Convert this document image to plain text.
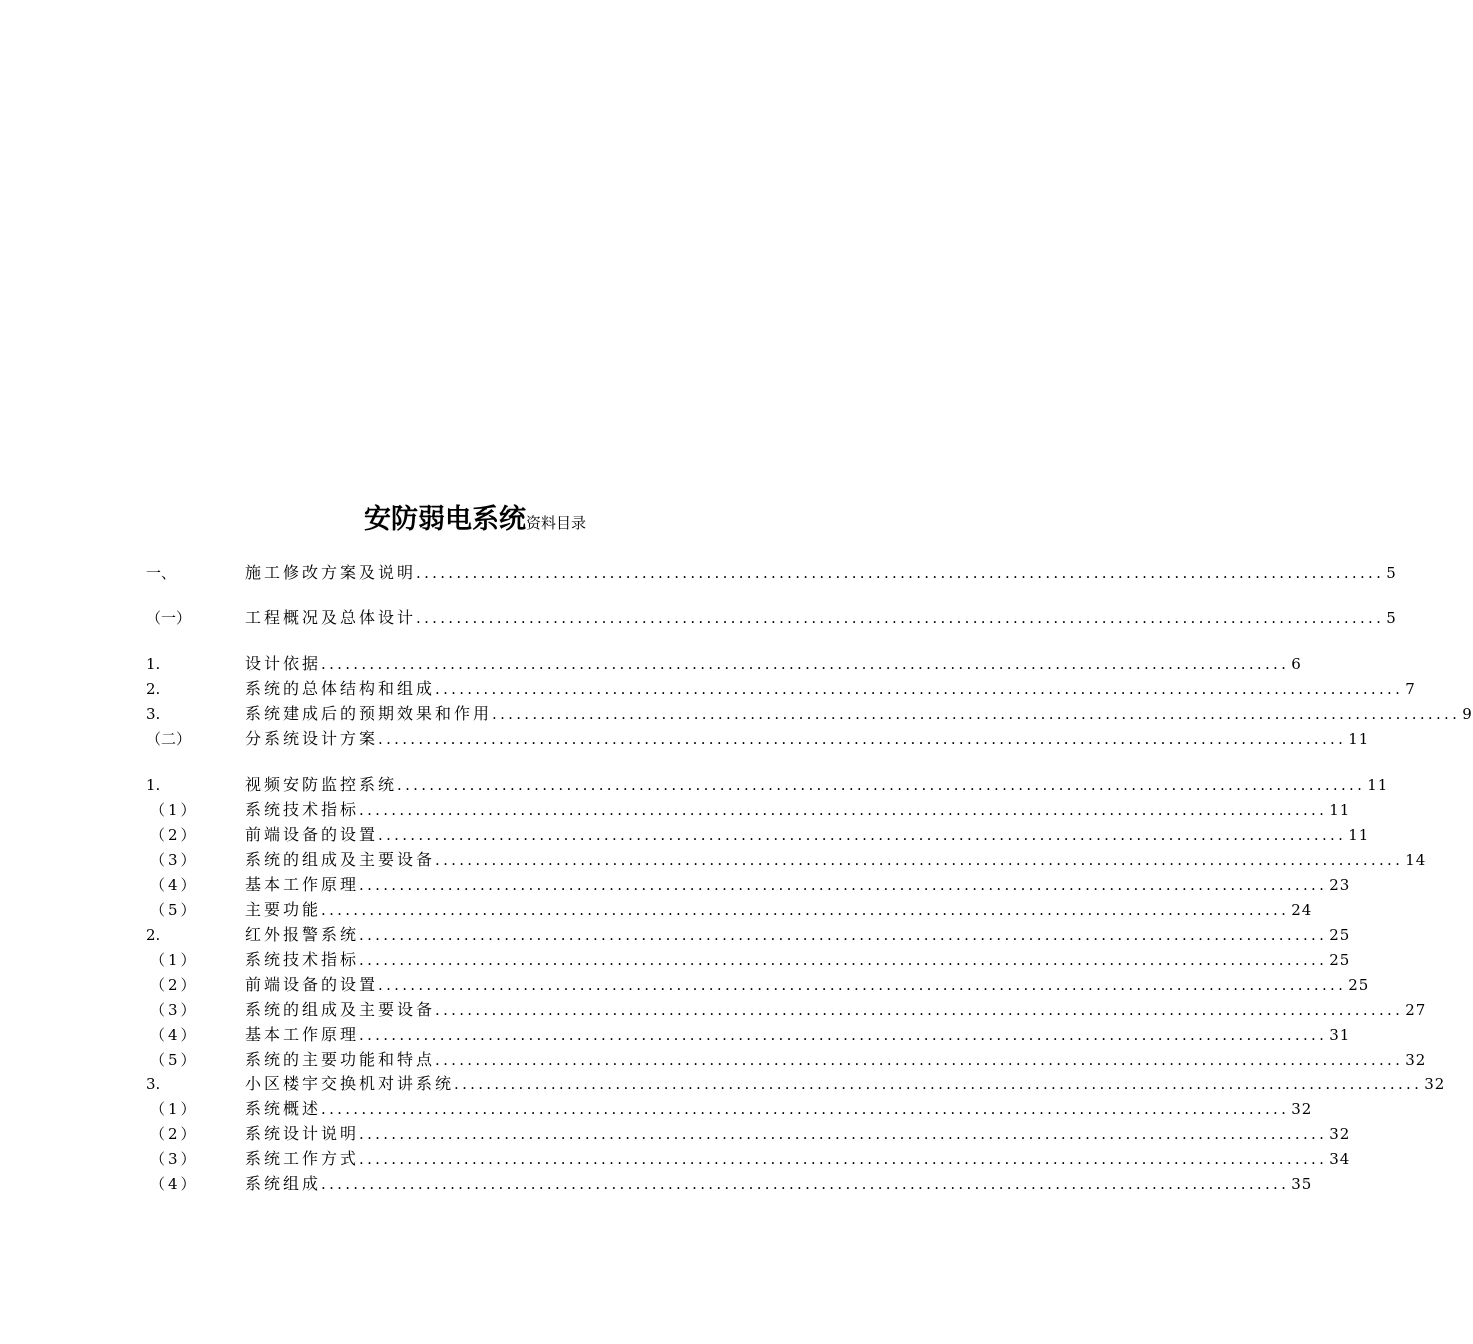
安防弱电系统资料目录
一、	施工修改方案及说明 ........................................................................................................................ 5
（一）	工程概况及总体设计 ........................................................................................................................ 5
1.	设计依据 ........................................................................................................................ 6
2.	系统的总体结构和组成 ........................................................................................................................ 7
3.	系统建成后的预期效果和作用 ........................................................................................................................ 9
（二）	分系统设计方案 ........................................................................................................................ 11
1.	视频安防监控系统 ........................................................................................................................ 11
（1）	系统技术指标 ........................................................................................................................ 11
（2）	前端设备的设置 ........................................................................................................................ 11
（3）	系统的组成及主要设备 ........................................................................................................................ 14
（4）	基本工作原理 ........................................................................................................................ 23
（5）	主要功能 ........................................................................................................................ 24
2.	红外报警系统 ........................................................................................................................ 25
（1）	系统技术指标 ........................................................................................................................ 25
（2）	前端设备的设置 ........................................................................................................................ 25
（3）	系统的组成及主要设备 ........................................................................................................................ 27
（4）	基本工作原理 ........................................................................................................................ 31
（5）	系统的主要功能和特点 ........................................................................................................................ 32
3.	小区楼宇交换机对讲系统 ........................................................................................................................ 32
（1）	系统概述 ........................................................................................................................ 32
（2）	系统设计说明 ........................................................................................................................ 32
（3）	系统工作方式 ........................................................................................................................ 34
（4）	系统组成 ........................................................................................................................ 35
